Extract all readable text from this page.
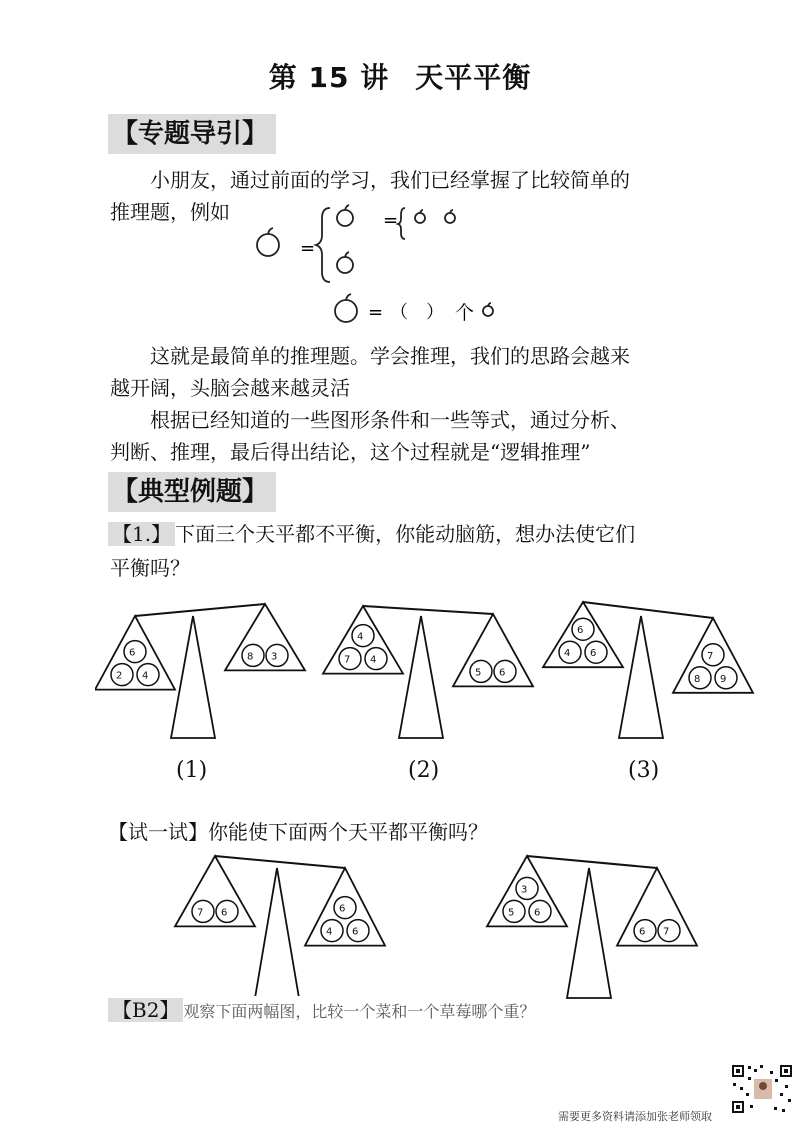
第 15 讲 天平平衡
【专题导引】
小朋友，通过前面的学习，我们已经掌握了比较简单的
推理题，例如
=
=
= （　） 个
这就是最简单的推理题。学会推理，我们的思路会越来
越开阔，头脑会越来越灵活
根据已经知道的一些图形条件和一些等式，通过分析、
判断、推理，最后得出结论，这个过程就是“逻辑推理”
【典型例题】
【1.】 下面三个天平都不平衡，你能动脑筋，想办法使它们
平衡吗？
6
2 4
8 3
4
7 4
5 6
6
4 6	7
8 9
(1)	(2)	(3)
【试一试】你能使下面两个天平都平衡吗？
7 6	6
4 6
3
5 6
6 7
【B2】 观察下面两幅图，比较一个菜和一个草莓哪个重？
需要更多资料请添加张老师领取
